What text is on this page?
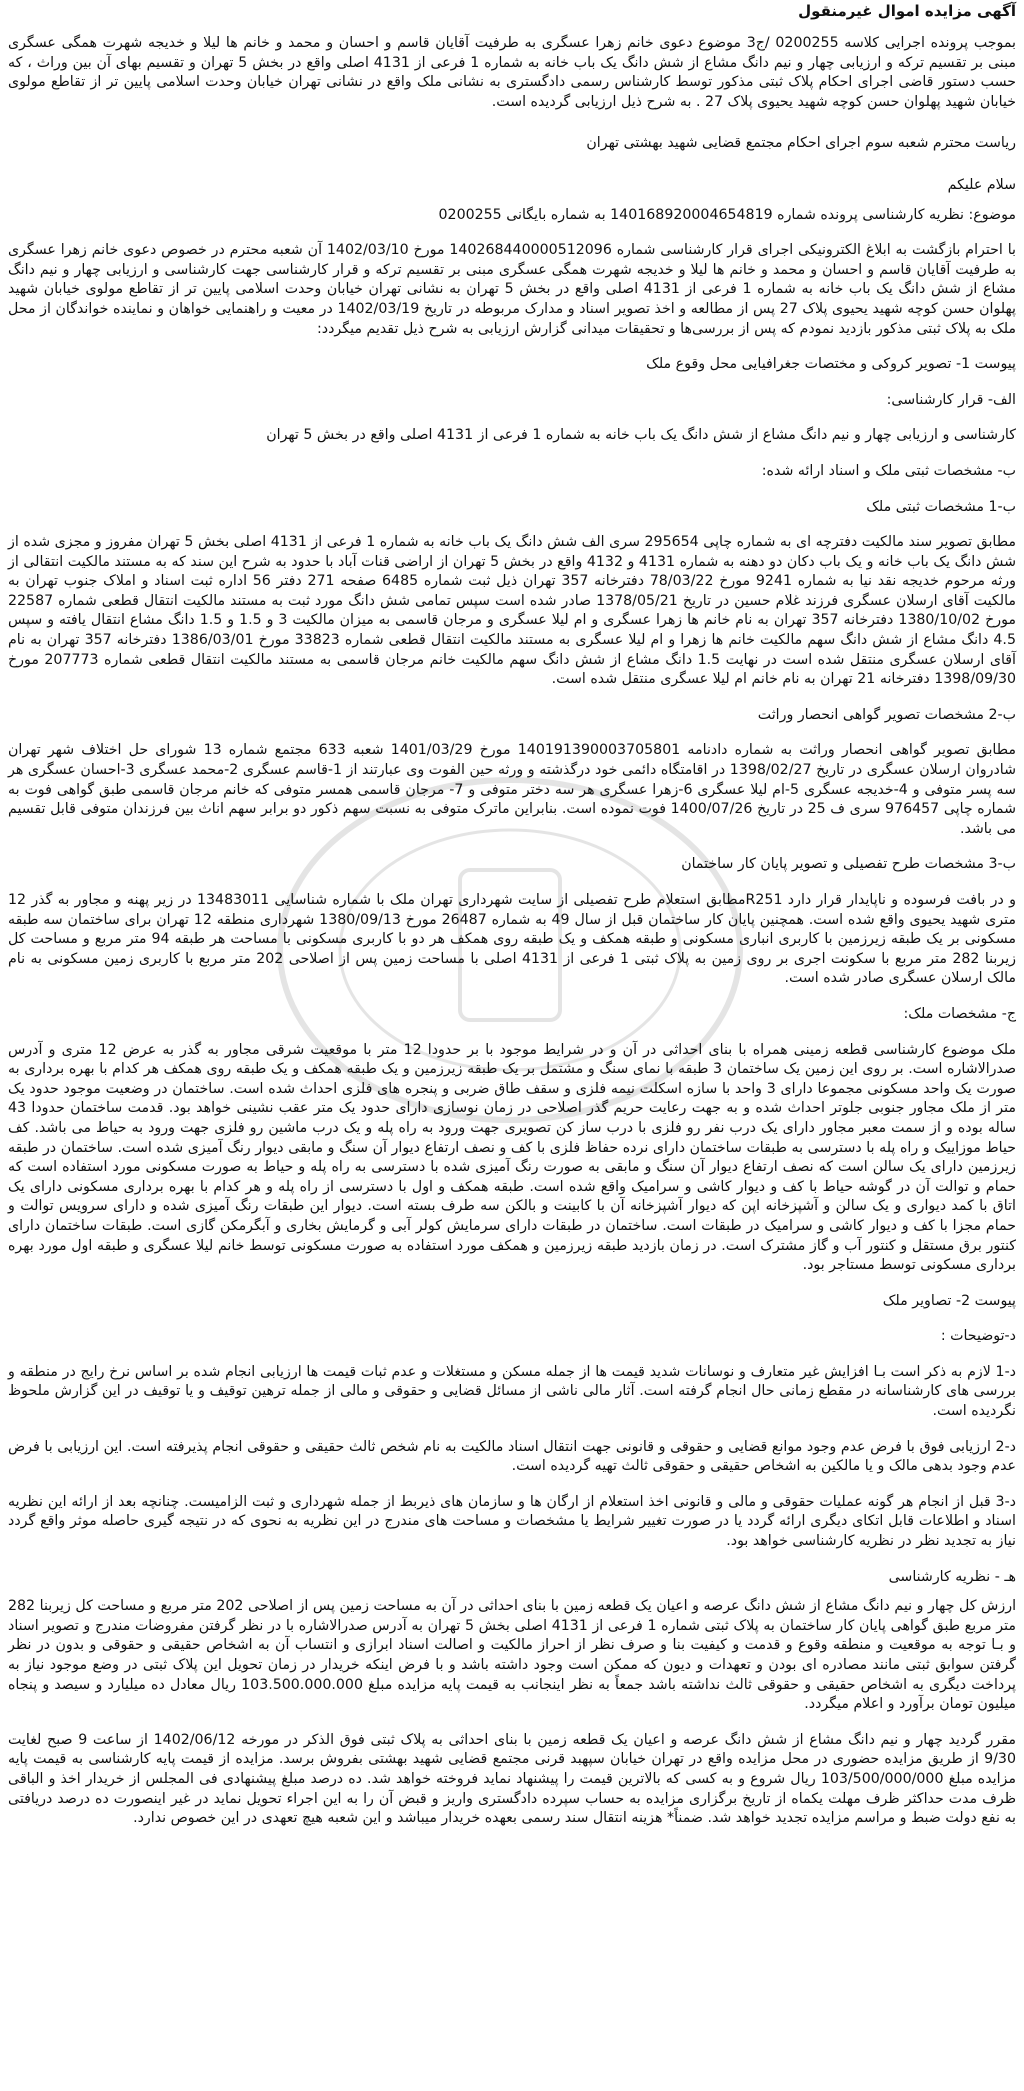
آگهی مزایده اموال غیرمنقول

بموجب پرونده اجرایی کلاسه 0200255 /ج3 موضوع دعوی خانم زهرا عسگری به طرفیت آقایان قاسم و احسان و محمد و خانم ها لیلا و خدیجه شهرت همگی عسگری مبنی بر تقسیم ترکه و ارزیابی چهار و نیم دانگ مشاع از شش دانگ یک باب خانه به شماره 1 فرعی از 4131 اصلی واقع در بخش 5 تهران و تقسیم بهای آن بین وراث ، که حسب دستور قاضی اجرای احکام پلاک ثبتی مذکور توسط کارشناس رسمی دادگستری به نشانی ملک واقع در نشانی تهران خیابان وحدت اسلامی پایین تر از تقاطع مولوی خیابان شهید پهلوان حسن کوچه شهید یحیوی پلاک 27 . به شرح ذیل ارزیابی گردیده است.

ریاست محترم شعبه سوم اجرای احکام مجتمع قضایی شهید بهشتی تهران

سلام علیکم

موضوع: نظریه کارشناسی پرونده شماره 140168920004654819 به شماره بایگانی 0200255

با احترام بازگشت به ابلاغ الکترونیکی اجرای قرار کارشناسی شماره 140268440000512096 مورخ 1402/03/10 آن شعبه محترم در خصوص دعوی خانم زهرا عسگری به طرفیت آقایان قاسم و احسان و محمد و خانم ها لیلا و خدیجه شهرت همگی عسگری مبنی بر تقسیم ترکه و قرار کارشناسی جهت کارشناسی و ارزیابی چهار و نیم دانگ مشاع از شش دانگ یک باب خانه به شماره 1 فرعی از 4131 اصلی واقع در بخش 5 تهران به نشانی تهران خیابان وحدت اسلامی پایین تر از تقاطع مولوی خیابان شهید پهلوان حسن کوچه شهید یحیوی پلاک 27 پس از مطالعه و اخذ تصویر اسناد و مدارک مربوطه در تاریخ 1402/03/19 در معیت و راهنمایی خواهان و نماینده خواندگان از محل ملک به پلاک ثبتی مذکور بازدید نمودم که پس از بررسی‌ها و تحقیقات میدانی گزارش ارزیابی به شرح ذیل تقدیم میگردد:

پیوست 1- تصویر کروکی و مختصات جغرافیایی محل وقوع ملک

الف- قرار کارشناسی:

کارشناسی و ارزیابی چهار و نیم دانگ مشاع از شش دانگ یک باب خانه به شماره 1 فرعی از 4131 اصلی واقع در بخش 5 تهران

ب- مشخصات ثبتی ملک و اسناد ارائه شده:

ب-1 مشخصات ثبتی ملک

مطابق تصویر سند مالکیت دفترچه ای به شماره چاپی 295654 سری الف شش دانگ یک باب خانه به شماره 1 فرعی از 4131 اصلی بخش 5 تهران مفروز و مجزی شده از شش دانگ یک باب خانه و یک باب دکان دو دهنه به شماره 4131 و 4132 واقع در بخش 5 تهران از اراضی قنات آباد با حدود به شرح این سند که به مستند مالکیت انتقالی از ورثه مرحوم خدیجه نقد نیا به شماره 9241 مورخ 78/03/22 دفترخانه 357 تهران ذیل ثبت شماره 6485 صفحه 271 دفتر 56 اداره ثبت اسناد و املاک جنوب تهران به مالکیت آقای ارسلان عسگری فرزند غلام حسین در تاریخ 1378/05/21 صادر شده است سپس تمامی شش دانگ مورد ثبت به مستند مالکیت انتقال قطعی شماره 22587 مورخ 1380/10/02 دفترخانه 357 تهران به نام خانم ها زهرا عسگری و ام لیلا عسگری و مرجان قاسمی به میزان مالکیت 3 و 1.5 و 1.5 دانگ مشاع انتقال یافته و سپس 4.5 دانگ مشاع از شش دانگ سهم مالکیت خانم ها زهرا و ام لیلا عسگری به مستند مالکیت انتقال قطعی شماره 33823 مورخ 1386/03/01 دفترخانه 357 تهران به نام آقای ارسلان عسگری منتقل شده است در نهایت 1.5 دانگ مشاع از شش دانگ سهم مالکیت خانم مرجان قاسمی به مستند مالکیت انتقال قطعی شماره 207773 مورخ 1398/09/30 دفترخانه 21 تهران به نام خانم ام لیلا عسگری منتقل شده است.

ب-2 مشخصات تصویر گواهی انحصار وراثت

مطابق تصویر گواهی انحصار وراثت به شماره دادنامه 140191390003705801 مورخ 1401/03/29 شعبه 633 مجتمع شماره 13 شورای حل اختلاف شهر تهران شادروان ارسلان عسگری در تاریخ 1398/02/27 در اقامتگاه دائمی خود درگذشته و ورثه حین الفوت وی عبارتند از 1-قاسم عسگری 2-محمد عسگری 3-احسان عسگری هر سه پسر متوفی و 4-خدیجه عسگری 5-ام لیلا عسگری 6-زهرا عسگری هر سه دختر متوفی و 7- مرجان قاسمی همسر متوفی که خانم مرجان قاسمی طبق گواهی فوت به شماره چاپی 976457 سری ف 25 در تاریخ 1400/07/26 فوت نموده است. بنابراین ماترک متوفی به نسبت سهم ذکور دو برابر سهم اناث بین فرزندان متوفی قابل تقسیم می باشد.

ب-3 مشخصات طرح تفصیلی و تصویر پایان کار ساختمان

و در بافت فرسوده و ناپایدار قرار دارد R251مطابق استعلام طرح تفصیلی از سایت شهرداری تهران ملک با شماره شناسایی 13483011 در زیر پهنه و مجاور به گذر 12 متری شهید یحیوی واقع شده است. همچنین پایان کار ساختمان قبل از سال 49 به شماره 26487 مورخ 1380/09/13 شهرداری منطقه 12 تهران برای ساختمان سه طبقه مسکونی بر یک طبقه زیرزمین با کاربری انباری مسکونی و طبقه همکف و یک طبقه روی همکف هر دو با کاربری مسکونی با مساحت هر طبقه 94 متر مربع و مساحت کل زیربنا 282 متر مربع با سکونت اجری بر روی زمین به پلاک ثبتی 1 فرعی از 4131 اصلی با مساحت زمین پس از اصلاحی 202 متر مربع با کاربری زمین مسکونی به نام مالک ارسلان عسگری صادر شده است.

ج- مشخصات ملک:

ملک موضوع کارشناسی قطعه زمینی همراه با بنای احداثی در آن و در شرایط موجود با بر حدودا 12 متر با موقعیت شرقی مجاور به گذر به عرض 12 متری و آدرس صدرالاشاره است. بر روی این زمین یک ساختمان 3 طبقه با نمای سنگ و مشتمل بر یک طبقه زیرزمین و یک طبقه همکف و یک طبقه روی همکف هر کدام با بهره برداری به صورت یک واحد مسکونی مجموعا دارای 3 واحد با سازه اسکلت نیمه فلزی و سقف طاق ضربی و پنجره های فلزی احداث شده است. ساختمان در وضعیت موجود حدود یک متر از ملک مجاور جنوبی جلوتر احداث شده و به جهت رعایت حریم گذر اصلاحی در زمان نوسازی دارای حدود یک متر عقب نشینی خواهد بود. قدمت ساختمان حدودا 43 ساله بوده و از سمت معبر مجاور دارای یک درب نفر رو فلزی با درب ساز کن تصویری جهت ورود به راه پله و یک درب ماشین رو فلزی جهت ورود به حیاط می باشد. کف حیاط موزاییک و راه پله با دسترسی به طبقات ساختمان دارای نرده حفاظ فلزی با کف و نصف ارتفاع دیوار آن سنگ و مابقی دیوار رنگ آمیزی شده است. ساختمان در طبقه زیرزمین دارای یک سالن است که نصف ارتفاع دیوار آن سنگ و مابقی به صورت رنگ آمیزی شده با دسترسی به راه پله و حیاط به صورت مسکونی مورد استفاده است که حمام و توالت آن در گوشه حیاط با کف و دیوار کاشی و سرامیک واقع شده است. طبقه همکف و اول با دسترسی از راه پله و هر کدام با بهره برداری مسکونی دارای یک اتاق با کمد دیواری و یک سالن و آشپزخانه اپن که دیوار آشپزخانه آن با کابینت و بالکن سه طرف بسته است. دیوار این طبقات رنگ آمیزی شده و دارای سرویس توالت و حمام مجزا با کف و دیوار کاشی و سرامیک در طبقات است. ساختمان در طبقات دارای سرمایش کولر آبی و گرمایش بخاری و آبگرمکن گازی است. طبقات ساختمان دارای کنتور برق مستقل و کنتور آب و گاز مشترک است. در زمان بازدید طبقه زیرزمین و همکف مورد استفاده به صورت مسکونی توسط خانم لیلا عسگری و طبقه اول مورد بهره برداری مسکونی توسط مستاجر بود.

پیوست 2- تصاویر ملک

د-توضیحات :

د-1 لازم به ذکر است بـا افزایش غیر متعارف و نوسانات شدید قیمت ها از جمله مسکن و مستغلات و عدم ثبات قیمت ها ارزیابی انجام شده بر اساس نرخ رایج در منطقه و بررسی های کارشناسانه در مقطع زمانی حال انجام گرفته است. آثار مالی ناشی از مسائل قضایی و حقوقی و مالی از جمله ترهین توقیف و یا توقیف در این گزارش ملحوظ نگردیده است.

د-2 ارزیابی فوق با فرض عدم وجود موانع قضایی و حقوقی و قانونی جهت انتقال اسناد مالکیت به نام شخص ثالث حقیقی و حقوقی انجام پذیرفته است. این ارزیابی با فرض عدم وجود بدهی مالک و یا مالکین به اشخاص حقیقی و حقوقی ثالث تهیه گردیده است.

د-3 قبل از انجام هر گونه عملیات حقوقی و مالی و قانونی اخذ استعلام از ارگان ها و سازمان های ذیربط از جمله شهرداری و ثبت الزامیست. چنانچه بعد از ارائه این نظریه اسناد و اطلاعات قابل اتکای دیگری ارائه گردد یا در صورت تغییر شرایط یا مشخصات و مساحت های مندرج در این نظریه به نحوی که در نتیجه گیری حاصله موثر واقع گردد نیاز به تجدید نظر در نظریه کارشناسی خواهد بود.

هـ - نظریه کارشناسی

ارزش کل چهار و نیم دانگ مشاع از شش دانگ عرصه و اعیان یک قطعه زمین با بنای احداثی در آن به مساحت زمین پس از اصلاحی 202 متر مربع و مساحت کل زیربنا 282 متر مربع طبق گواهی پایان کار ساختمان به پلاک ثبتی شماره 1 فرعی از 4131 اصلی بخش 5 تهران به آدرس صدرالاشاره با در نظر گرفتن مفروضات مندرج و تصویر اسناد و بـا توجه به موقعیت و منطقه وقوع و قدمت و کیفیت بنا و صرف نظر از احراز مالکیت و اصالت اسناد ابرازی و انتساب آن به اشخاص حقیقی و حقوقی و بدون در نظر گرفتن سوابق ثبتی مانند مصادره ای بودن و تعهدات و دیون که ممکن است وجود داشته باشد و با فرض اینکه خریدار در زمان تحویل این پلاک ثبتی در وضع موجود نیاز به پرداخت دیگری به اشخاص حقیقی و حقوقی ثالث نداشته باشد جمعاً به نظر اینجانب به قیمت پایه مزایده مبلغ 103.500.000.000 ریال معادل ده میلیارد و سیصد و پنجاه میلیون تومان برآورد و اعلام میگردد.

مقرر گردید چهار و نیم دانگ مشاع از شش دانگ عرصه و اعیان یک قطعه زمین با بنای احداثی به پلاک ثبتی فوق الذکر در مورخه 1402/06/12 از ساعت 9 صبح لغایت 9/30 از طریق مزایده حضوری در محل مزایده واقع در تهران خیابان سپهبد قرنی مجتمع قضایی شهید بهشتی بفروش برسد. مزایده از قیمت پایه کارشناسی به قیمت پایه مزایده مبلغ 103/500/000/000 ریال شروع و به کسی که بالاترین قیمت را پیشنهاد نماید فروخته خواهد شد. ده درصد مبلغ پیشنهادی فی المجلس از خریدار اخذ و الباقی ظرف مدت حداکثر ظرف مهلت یکماه از تاریخ برگزاری مزایده به حساب سپرده دادگستری واریز و قبض آن را به این اجراء تحویل نماید در غیر اینصورت ده درصد دریافتی به نفع دولت ضبط و مراسم مزایده تجدید خواهد شد. ضمناً* هزینه انتقال سند رسمی بعهده خریدار میباشد و این شعبه هیچ تعهدی در این خصوص ندارد.
